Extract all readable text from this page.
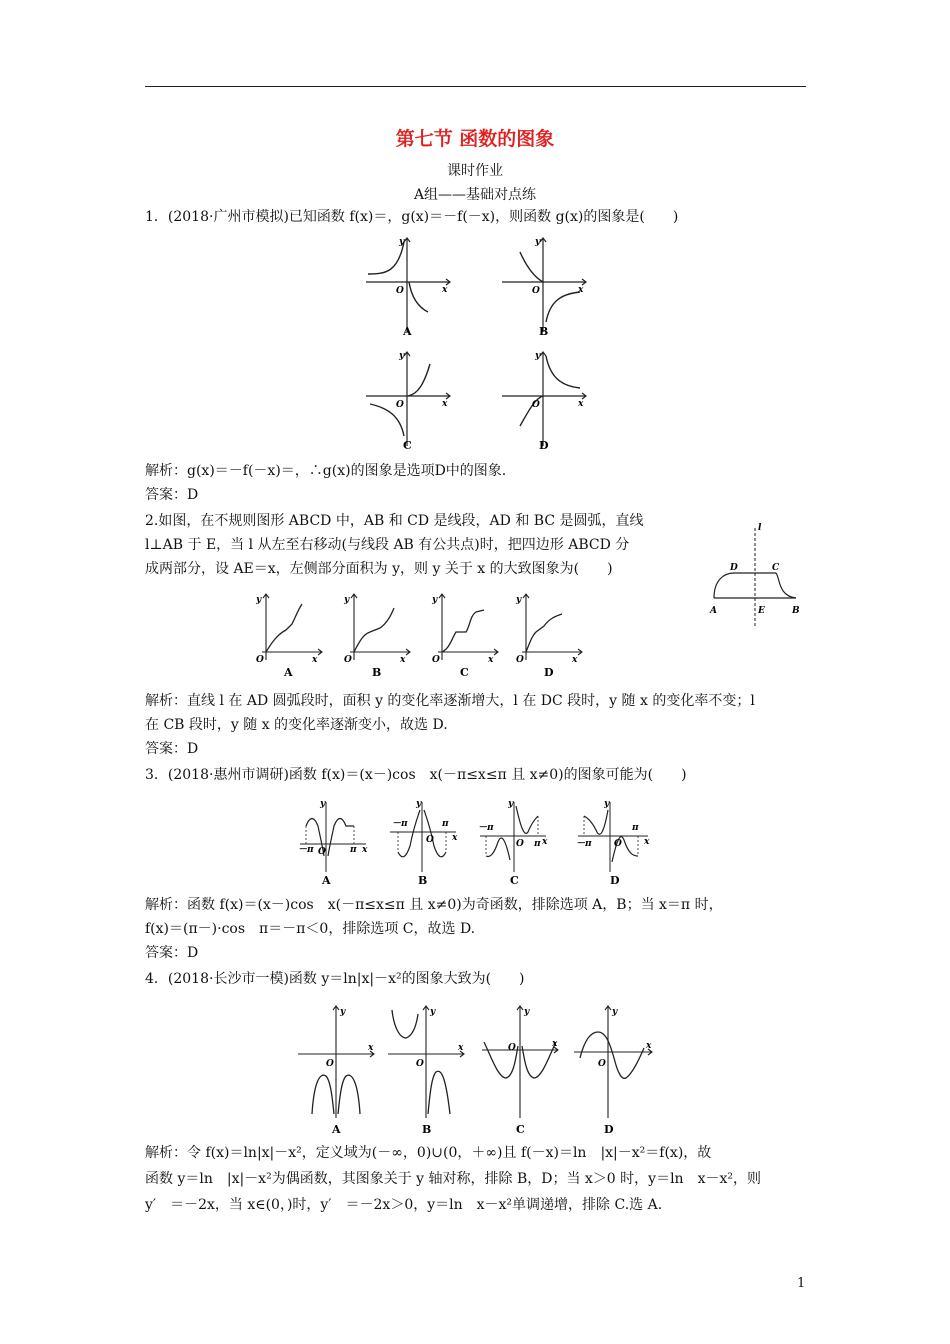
第七节 函数的图象
课时作业
A组——基础对点练
1．(2018·广州市模拟)已知函数 f(x)＝，g(x)＝－f(－x)，则函数 g(x)的图象是(　　)
y
x
O
A
y
x
O
B
y
x
O
C
y
x
O
D
解析：g(x)＝－f(－x)＝，∴g(x)的图象是选项D中的图象.
答案：D
2.如图，在不规则图形 ABCD 中，AB 和 CD 是线段，AD 和 BC 是圆弧，直线
l⊥AB 于 E，当 l 从左至右移动(与线段 AB 有公共点)时，把四边形 ABCD 分
成两部分，设 AE＝x，左侧部分面积为 y，则 y 关于 x 的大致图象为(　　)
l
D	C
A	E	B
y
x
O
A
y
x
O
B
y
x
O
C
y
x
O
D
解析：直线 l 在 AD 圆弧段时，面积 y 的变化率逐渐增大，l 在 DC 段时，y 随 x 的变化率不变；l
在 CB 段时，y 随 x 的变化率逐渐变小，故选 D.
答案：D
3．(2018·惠州市调研)函数 f(x)＝(x－)cos　x(－π≤x≤π 且 x≠0)的图象可能为(　　)
y
x
O
－π	π
A
y
x
O
－π	π
B
y
x
O
－π
π
C
y
x
O
－π
π
D
解析：函数 f(x)＝(x－)cos　x(－π≤x≤π 且 x≠0)为奇函数，排除选项 A，B；当 x＝π 时，
f(x)＝(π－)·cos　π＝－π＜0，排除选项 C，故选 D.
答案：D
4．(2018·长沙市一模)函数 y＝ln|x|－x²的图象大致为(　　)
y
x
O
A
y
x
O
B
y
x
O
C
y
x
O
D
解析：令 f(x)＝ln|x|－x²，定义域为(－∞，0)∪(0，＋∞)且 f(－x)＝ln　|x|－x²＝f(x)，故
函数 y＝ln　|x|－x²为偶函数，其图象关于 y 轴对称，排除 B，D；当 x＞0 时，y＝ln　x－x²，则
y′　＝－2x，当 x∈(0，)时，y′　＝－2x＞0，y＝ln　x－x²单调递增，排除 C.选 A.
1
